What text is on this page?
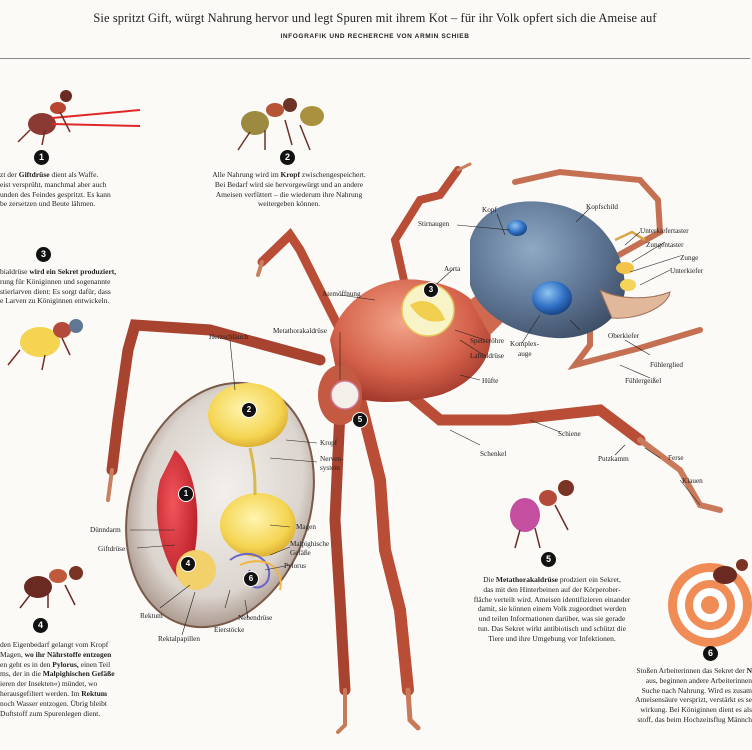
Sie spritzt Gift, würgt Nahrung hervor und legt Spuren mit ihrem Kot – für ihr Volk opfert sich die Ameise auf
INFOGRAFIK UND RECHERCHE VON ARMIN SCHIEB
1	2
3
4
5
6
2
1
3
5
4
6
zt der Giftdrüse dient als Waffe.
eist versprüht, manchmal aber auch
unden des Feindes gespritzt. Es kann
be zersetzen und Beute lähmen.
Alle Nahrung wird im Kropf zwischengespeichert.
Bei Bedarf wird sie hervorgewürgt und an andere
Ameisen verfüttert – die wiederum ihre Nahrung
weitergeben können.
bialdrüse wird ein Sekret produziert,
rung für Königinnen und sogenannte
stierlarven dient: Es sorgt dafür, dass
e Larven zu Königinnen entwickeln.
den Eigenbedarf gelangt vom Kropf
Magen, wo ihr Nährstoffe entzogen
en geht es in den Pylorus, einen Teil
ms, der in die Malpighischen Gefäße
ieren der Insekten«) mündet, wo
herausgefiltert werden. Im Rektum
noch Wasser entzogen. Übrig bleibt
Duftstoff zum Spurenlegen dient.
Die Metathorakaldrüse prodziert ein Sekret,
das mit den Hinterbeinen auf der Körperober-
fläche verteilt wird. Ameisen identifizieren einander
damit, sie können einem Volk zugeordnet werden
und teilen Informationen darüber, was sie gerade
tun. Das Sekret wirkt antibiotisch und schützt die
Tiere und ihre Umgebung vor Infektionen.
Stoßen Arbeiterinnen das Sekret der N
aus, beginnen andere Arbeiterinnen
Suche nach Nahrung. Wird es zusam
Ameisensäure versprizt, verstärkt es se
wirkung. Bei Königinnen dient es als
stoff, das beim Hochzeitsflug Männch
Kopf	Kopfschild
Stirnaugen
Unterkiefertaster
Zungentaster
Zunge
Unterkiefer
Aorta
Atemöffnung
Oberkiefer
Metathorakaldrüse
Speiseröhre Komplex-
auge
Labialdrüse
Fühlerglied
Fühlergeißel
Herzschlauch
Hüfte
Kropf
Nerven-
system
Schiene
Schenkel
Putzkamm	Ferse
Klauen
Dünndarm	Magen
Giftdrüse
Malpighische
Gefäße
Pylorus
Rektum	Nebendrüse
Eierstöcke
Rektalpapillen
